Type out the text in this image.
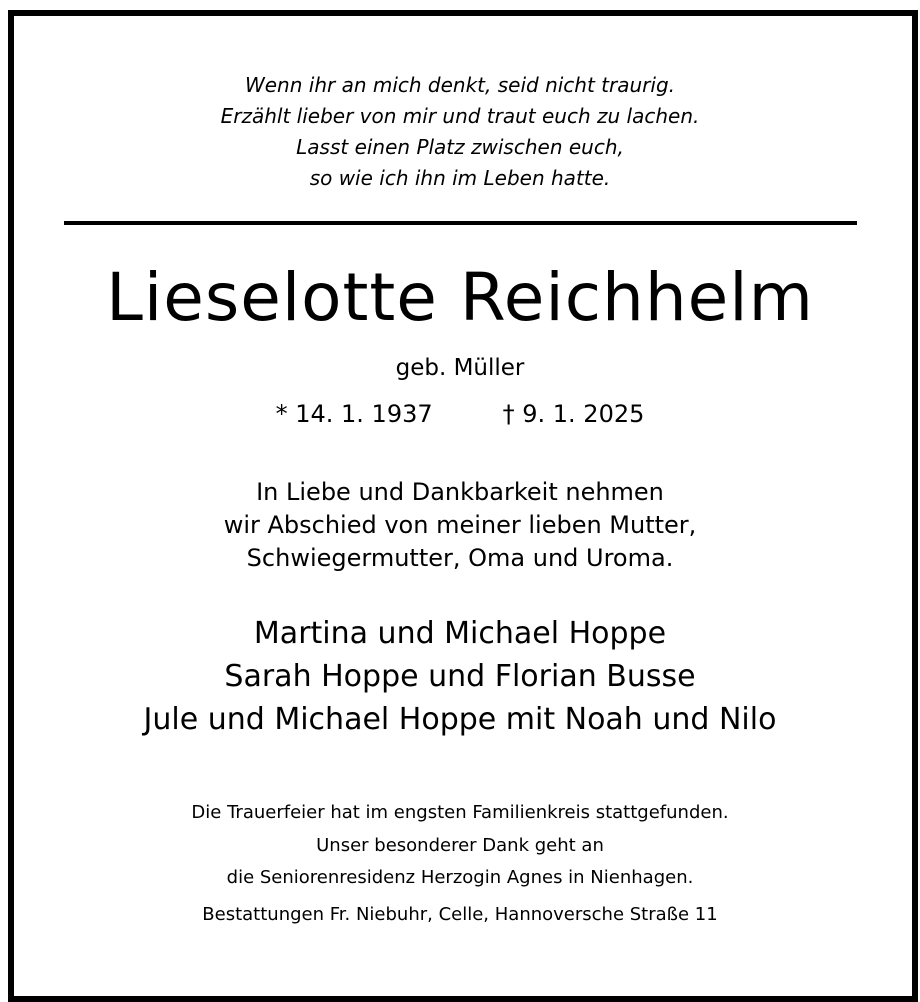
Wenn ihr an mich denkt, seid nicht traurig.
Erzählt lieber von mir und traut euch zu lachen.
Lasst einen Platz zwischen euch,
so wie ich ihn im Leben hatte.
Lieselotte Reichhelm
geb. Müller
* 14. 1. 1937	† 9. 1. 2025
In Liebe und Dankbarkeit nehmen
wir Abschied von meiner lieben Mutter,
Schwiegermutter, Oma und Uroma.
Martina und Michael Hoppe
Sarah Hoppe und Florian Busse
Jule und Michael Hoppe mit Noah und Nilo
Die Trauerfeier hat im engsten Familienkreis stattgefunden.
Unser besonderer Dank geht an
die Seniorenresidenz Herzogin Agnes in Nienhagen.
Bestattungen Fr. Niebuhr, Celle, Hannoversche Straße 11
